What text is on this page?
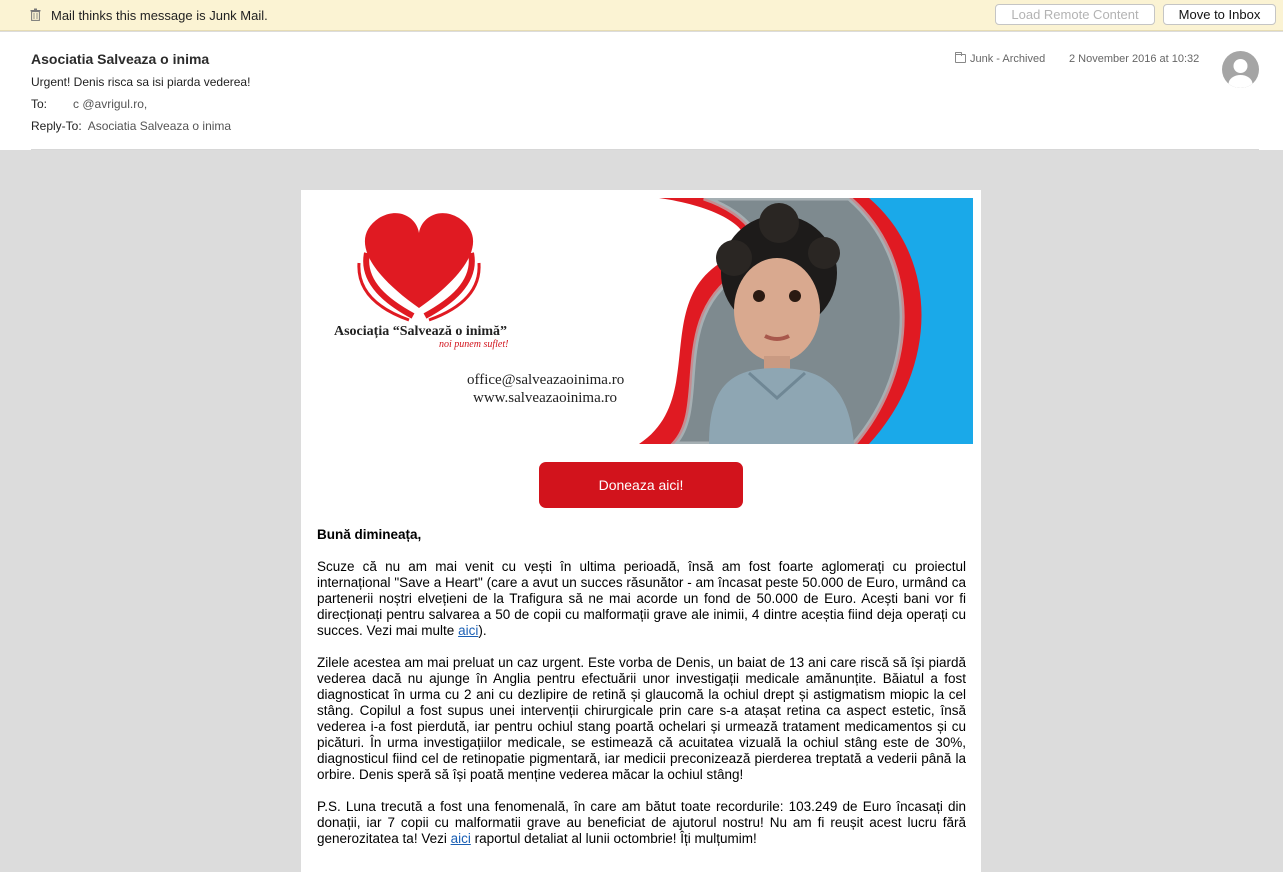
Mail thinks this message is Junk Mail.	Load Remote Content	Move to Inbox
Asociatia Salveaza o inima
Urgent! Denis risca sa isi piarda vederea!
To: c @avrigul.ro,
Reply-To: Asociatia Salveaza o inima
Junk - Archived 2 November 2016 at 10:32
Asociația “Salvează o inimă”
noi punem suflet!
office@salveazaoinima.ro
www.salveazaoinima.ro
Doneaza aici!

Bună dimineața,

Scuze că nu am mai venit cu vești în ultima perioadă, însă am fost foarte aglomerați cu proiectul internațional "Save a Heart" (care a avut un succes răsunător - am încasat peste 50.000 de Euro, urmând ca partenerii noștri elvețieni de la Trafigura să ne mai acorde un fond de 50.000 de Euro. Acești bani vor fi direcționați pentru salvarea a 50 de copii cu malformații grave ale inimii, 4 dintre aceștia fiind deja operați cu succes. Vezi mai multe aici).

Zilele acestea am mai preluat un caz urgent. Este vorba de Denis, un baiat de 13 ani care riscă să își piardă vederea dacă nu ajunge în Anglia pentru efectuării unor investigații medicale amănunțite. Băiatul a fost diagnosticat în urma cu 2 ani cu dezlipire de retină și glaucomă la ochiul drept și astigmatism miopic la cel stâng. Copilul a fost supus unei intervenții chirurgicale prin care s-a atașat retina ca aspect estetic, însă vederea i-a fost pierdută, iar pentru ochiul stang poartă ochelari și urmează tratament medicamentos și cu picături. În urma investigațiilor medicale, se estimează că acuitatea vizuală la ochiul stâng este de 30%, diagnosticul fiind cel de retinopatie pigmentară, iar medicii preconizează pierderea treptată a vederii până la orbire. Denis speră să își poată menține vederea măcar la ochiul stâng!

P.S. Luna trecută a fost una fenomenală, în care am bătut toate recordurile: 103.249 de Euro încasați din donații, iar 7 copii cu malformatii grave au beneficiat de ajutorul nostru! Nu am fi reușit acest lucru fără generozitatea ta! Vezi aici raportul detaliat al lunii octombrie! Îți mulțumim!
